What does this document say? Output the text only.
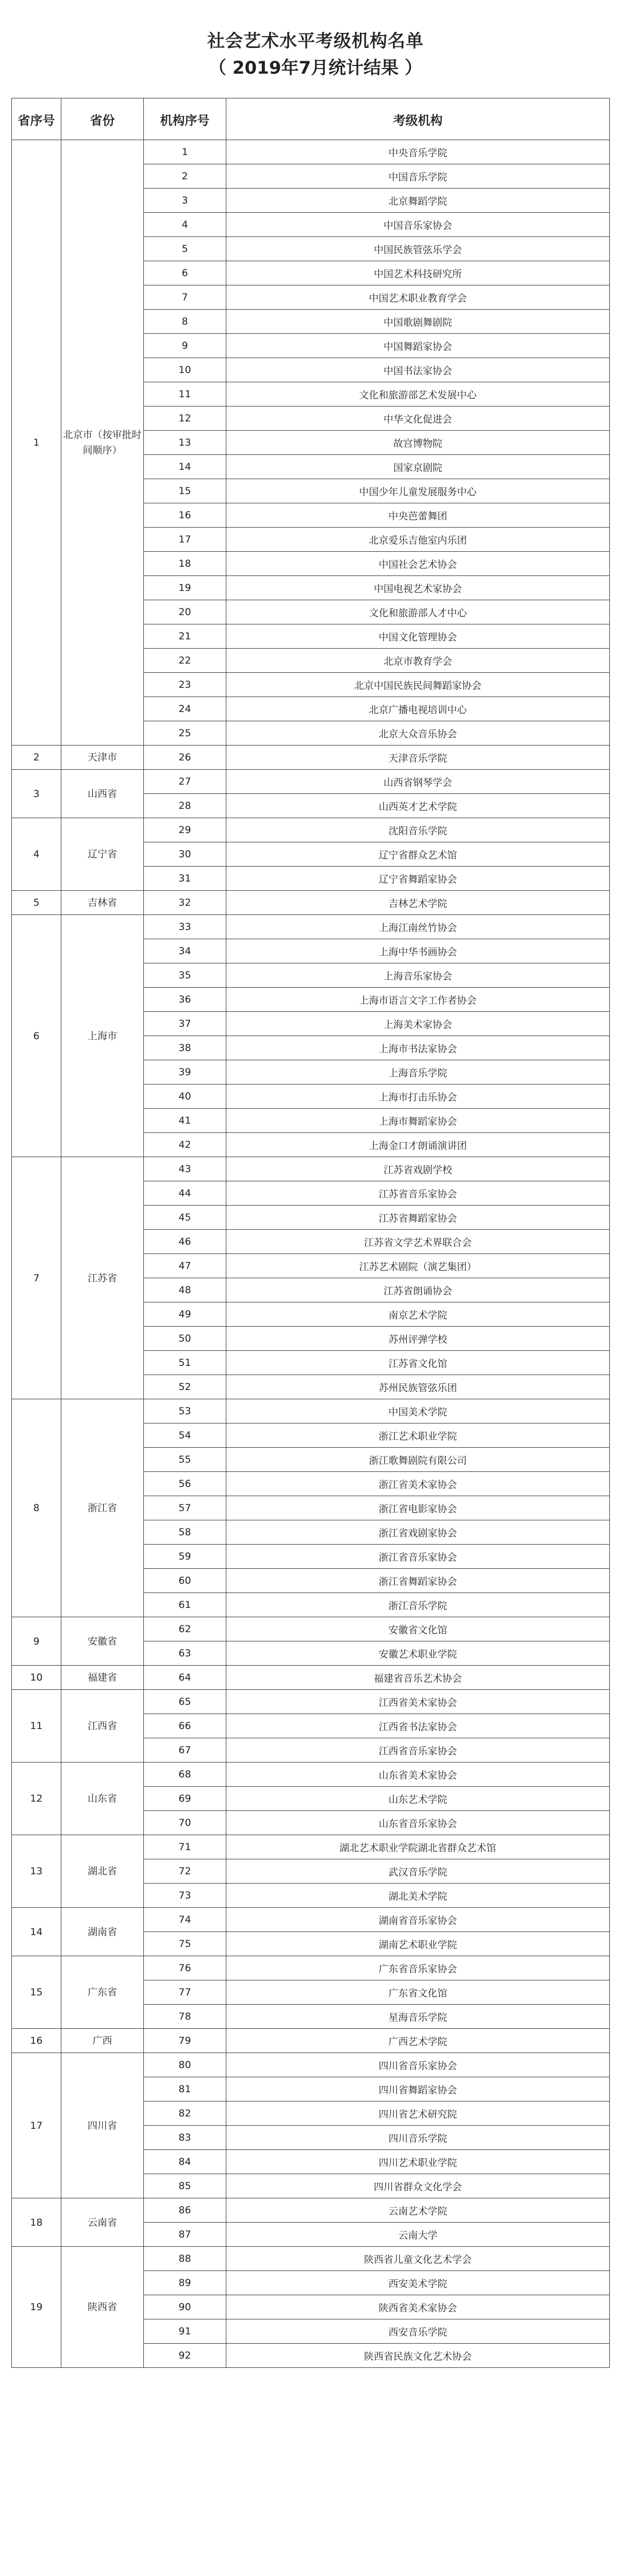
社会艺术水平考级机构名单
（ 2019年7月统计结果 ）
省序号	省份	机构序号	考级机构
1	北京市（按审批时间顺序）	1	中央音乐学院
		2	中国音乐学院
		3	北京舞蹈学院
		4	中国音乐家协会
		5	中国民族管弦乐学会
		6	中国艺术科技研究所
		7	中国艺术职业教育学会
		8	中国歌剧舞剧院
		9	中国舞蹈家协会
		10	中国书法家协会
		11	文化和旅游部艺术发展中心
		12	中华文化促进会
		13	故宫博物院
		14	国家京剧院
		15	中国少年儿童发展服务中心
		16	中央芭蕾舞团
		17	北京爱乐吉他室内乐团
		18	中国社会艺术协会
		19	中国电视艺术家协会
		20	文化和旅游部人才中心
		21	中国文化管理协会
		22	北京市教育学会
		23	北京中国民族民间舞蹈家协会
		24	北京广播电视培训中心
		25	北京大众音乐协会
2	天津市	26	天津音乐学院
3	山西省	27	山西省钢琴学会
		28	山西英才艺术学院
4	辽宁省	29	沈阳音乐学院
		30	辽宁省群众艺术馆
		31	辽宁省舞蹈家协会
5	吉林省	32	吉林艺术学院
6	上海市	33	上海江南丝竹协会
		34	上海中华书画协会
		35	上海音乐家协会
		36	上海市语言文字工作者协会
		37	上海美术家协会
		38	上海市书法家协会
		39	上海音乐学院
		40	上海市打击乐协会
		41	上海市舞蹈家协会
		42	上海金口才朗诵演讲团
7	江苏省	43	江苏省戏剧学校
		44	江苏省音乐家协会
		45	江苏省舞蹈家协会
		46	江苏省文学艺术界联合会
		47	江苏艺术剧院（演艺集团）
		48	江苏省朗诵协会
		49	南京艺术学院
		50	苏州评弹学校
		51	江苏省文化馆
		52	苏州民族管弦乐团
8	浙江省	53	中国美术学院
		54	浙江艺术职业学院
		55	浙江歌舞剧院有限公司
		56	浙江省美术家协会
		57	浙江省电影家协会
		58	浙江省戏剧家协会
		59	浙江省音乐家协会
		60	浙江省舞蹈家协会
		61	浙江音乐学院
9	安徽省	62	安徽省文化馆
		63	安徽艺术职业学院
10	福建省	64	福建省音乐艺术协会
11	江西省	65	江西省美术家协会
		66	江西省书法家协会
		67	江西省音乐家协会
12	山东省	68	山东省美术家协会
		69	山东艺术学院
		70	山东省音乐家协会
13	湖北省	71	湖北艺术职业学院湖北省群众艺术馆
		72	武汉音乐学院
		73	湖北美术学院
14	湖南省	74	湖南省音乐家协会
		75	湖南艺术职业学院
15	广东省	76	广东省音乐家协会
		77	广东省文化馆
		78	星海音乐学院
16	广西	79	广西艺术学院
17	四川省	80	四川省音乐家协会
		81	四川省舞蹈家协会
		82	四川省艺术研究院
		83	四川音乐学院
		84	四川艺术职业学院
		85	四川省群众文化学会
18	云南省	86	云南艺术学院
		87	云南大学
19	陕西省	88	陕西省儿童文化艺术学会
		89	西安美术学院
		90	陕西省美术家协会
		91	西安音乐学院
		92	陕西省民族文化艺术协会
